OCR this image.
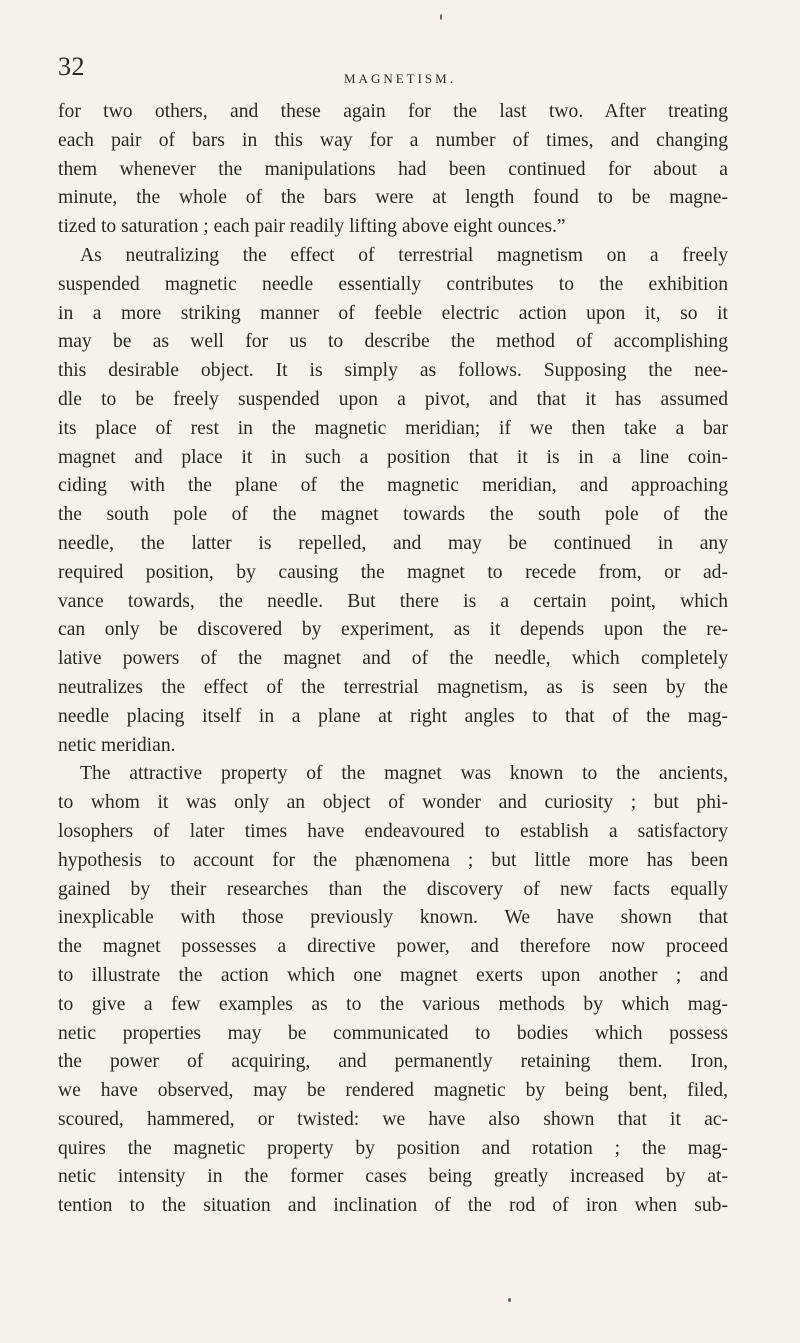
32	MAGNETISM.
for two others, and these again for the last two. After treating
each pair of bars in this way for a number of times, and changing
them whenever the manipulations had been continued for about a
minute, the whole of the bars were at length found to be magne-
tized to saturation ; each pair readily lifting above eight ounces.”
As neutralizing the effect of terrestrial magnetism on a freely
suspended magnetic needle essentially contributes to the exhibition
in a more striking manner of feeble electric action upon it, so it
may be as well for us to describe the method of accomplishing
this desirable object. It is simply as follows. Supposing the nee-
dle to be freely suspended upon a pivot, and that it has assumed
its place of rest in the magnetic meridian; if we then take a bar
magnet and place it in such a position that it is in a line coin-
ciding with the plane of the magnetic meridian, and approaching
the south pole of the magnet towards the south pole of the
needle, the latter is repelled, and may be continued in any
required position, by causing the magnet to recede from, or ad-
vance towards, the needle. But there is a certain point, which
can only be discovered by experiment, as it depends upon the re-
lative powers of the magnet and of the needle, which completely
neutralizes the effect of the terrestrial magnetism, as is seen by the
needle placing itself in a plane at right angles to that of the mag-
netic meridian.
The attractive property of the magnet was known to the ancients,
to whom it was only an object of wonder and curiosity ; but phi-
losophers of later times have endeavoured to establish a satisfactory
hypothesis to account for the phænomena ; but little more has been
gained by their researches than the discovery of new facts equally
inexplicable with those previously known. We have shown that
the magnet possesses a directive power, and therefore now proceed
to illustrate the action which one magnet exerts upon another ; and
to give a few examples as to the various methods by which mag-
netic properties may be communicated to bodies which possess
the power of acquiring, and permanently retaining them. Iron,
we have observed, may be rendered magnetic by being bent, filed,
scoured, hammered, or twisted: we have also shown that it ac-
quires the magnetic property by position and rotation ; the mag-
netic intensity in the former cases being greatly increased by at-
tention to the situation and inclination of the rod of iron when sub-
